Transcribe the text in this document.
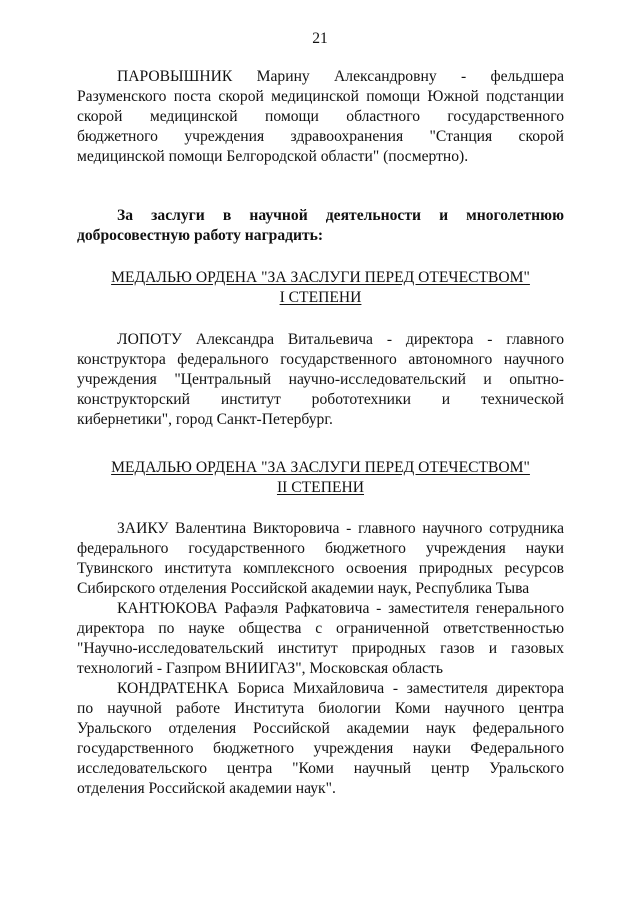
21
ПАРОВЫШНИК Марину Александровну - фельдшера
Разуменского поста скорой медицинской помощи Южной подстанции
скорой медицинской помощи областного государственного
бюджетного учреждения здравоохранения "Станция скорой
медицинской помощи Белгородской области" (посмертно).
За заслуги в научной деятельности и многолетнюю
добросовестную работу наградить:
МЕДАЛЬЮ ОРДЕНА "ЗА ЗАСЛУГИ ПЕРЕД ОТЕЧЕСТВОМ"
I СТЕПЕНИ
ЛОПОТУ Александра Витальевича - директора - главного
конструктора федерального государственного автономного научного
учреждения "Центральный научно-исследовательский и опытно-
конструкторский институт робототехники и технической
кибернетики", город Санкт-Петербург.
МЕДАЛЬЮ ОРДЕНА "ЗА ЗАСЛУГИ ПЕРЕД ОТЕЧЕСТВОМ"
II СТЕПЕНИ
ЗАИКУ Валентина Викторовича - главного научного сотрудника
федерального государственного бюджетного учреждения науки
Тувинского института комплексного освоения природных ресурсов
Сибирского отделения Российской академии наук, Республика Тыва
КАНТЮКОВА Рафаэля Рафкатовича - заместителя генерального
директора по науке общества с ограниченной ответственностью
"Научно-исследовательский институт природных газов и газовых
технологий - Газпром ВНИИГАЗ", Московская область
КОНДРАТЕНКА Бориса Михайловича - заместителя директора
по научной работе Института биологии Коми научного центра
Уральского отделения Российской академии наук федерального
государственного бюджетного учреждения науки Федерального
исследовательского центра "Коми научный центр Уральского
отделения Российской академии наук".
